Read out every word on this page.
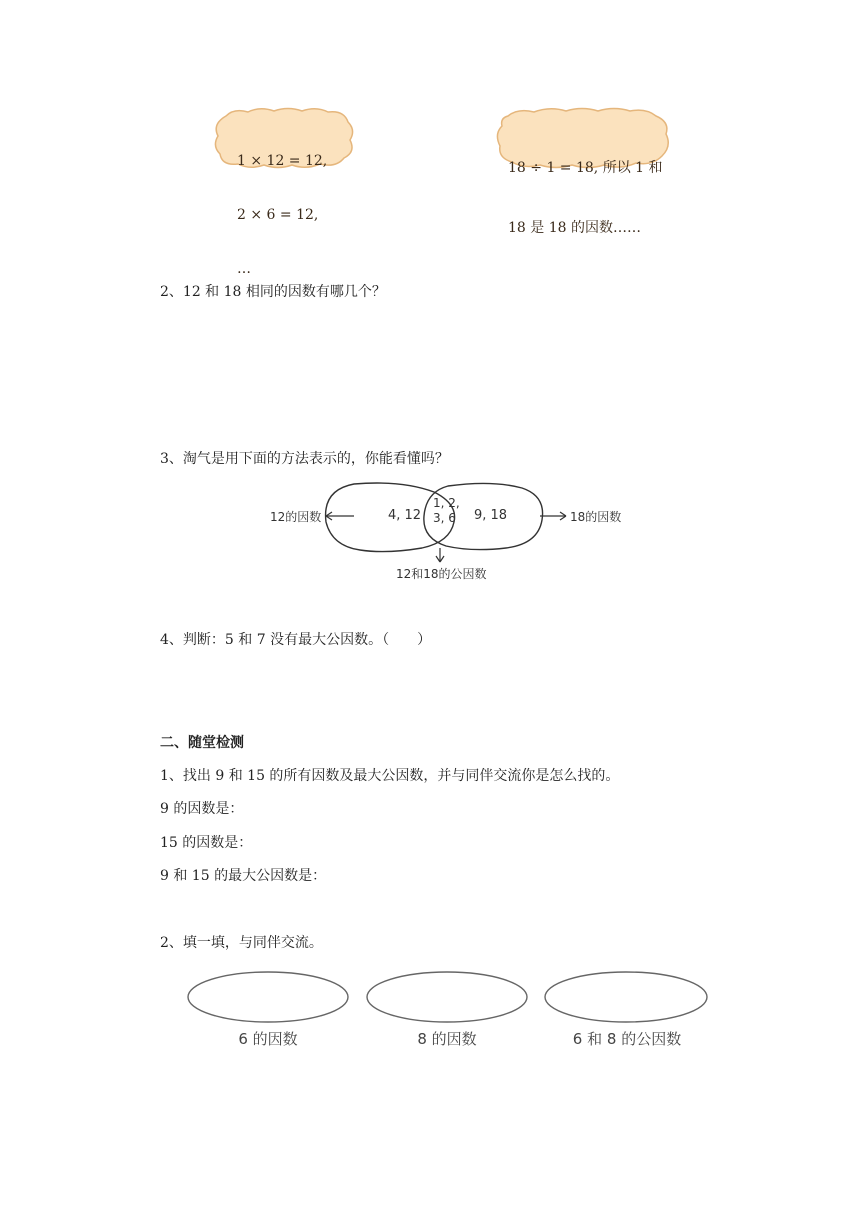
1 × 12 = 12,

2 × 6 = 12,

…

18 ÷ 1 = 18, 所以 1 和

18 是 18 的因数……

2、12 和 18 相同的因数有哪几个？
3、淘气是用下面的方法表示的，你能看懂吗？
12的因数	4, 12
1, 2,
3, 6 9, 18	18的因数
12和18的公因数
4、判断：5 和 7 没有最大公因数。（　　）
二、随堂检测
1、找出 9 和 15 的所有因数及最大公因数，并与同伴交流你是怎么找的。
9 的因数是：
15 的因数是：
9 和 15 的最大公因数是：
2、填一填，与同伴交流。
6 的因数	8 的因数	6 和 8 的公因数
